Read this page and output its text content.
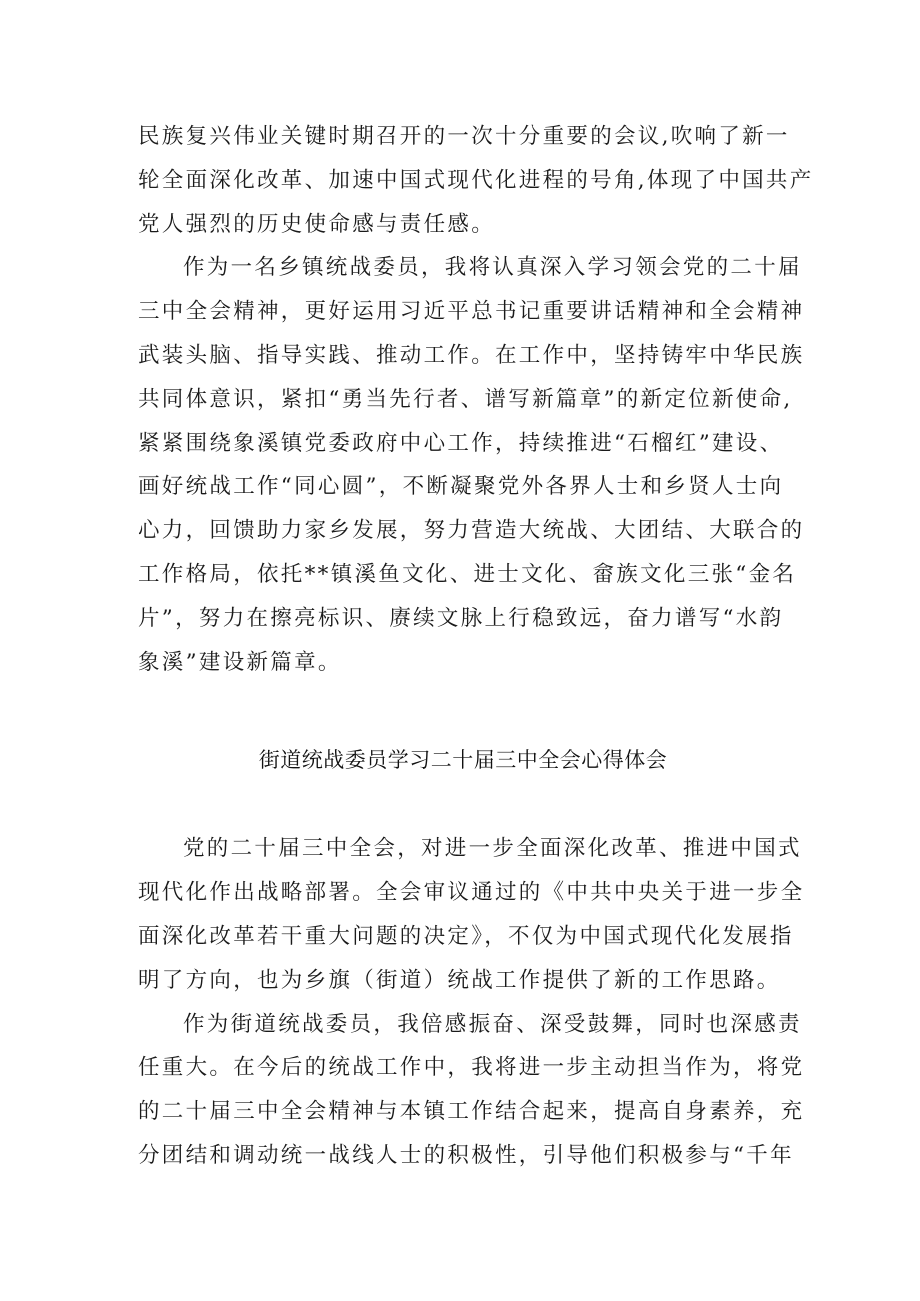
民族复兴伟业关键时期召开的一次十分重要的会议,吹响了新一
轮全面深化改革、加速中国式现代化进程的号角,体现了中国共产
党人强烈的历史使命感与责任感。
作为一名乡镇统战委员，我将认真深入学习领会党的二十届
三中全会精神，更好运用习近平总书记重要讲话精神和全会精神
武装头脑、指导实践、推动工作。在工作中，坚持铸牢中华民族
共同体意识，紧扣“勇当先行者、谱写新篇章”的新定位新使命,
紧紧围绕象溪镇党委政府中心工作，持续推进“石榴红”建设、
画好统战工作“同心圆”，不断凝聚党外各界人士和乡贤人士向
心力，回馈助力家乡发展，努力营造大统战、大团结、大联合的
工作格局，依托**镇溪鱼文化、进士文化、畲族文化三张“金名
片”，努力在擦亮标识、赓续文脉上行稳致远，奋力谱写“水韵
象溪”建设新篇章。
街道统战委员学习二十届三中全会心得体会
党的二十届三中全会，对进一步全面深化改革、推进中国式
现代化作出战略部署。全会审议通过的《中共中央关于进一步全
面深化改革若干重大问题的决定》，不仅为中国式现代化发展指
明了方向，也为乡旗（街道）统战工作提供了新的工作思路。
作为街道统战委员，我倍感振奋、深受鼓舞，同时也深感责
任重大。在今后的统战工作中，我将进一步主动担当作为，将党
的二十届三中全会精神与本镇工作结合起来，提高自身素养，充
分团结和调动统一战线人士的积极性，引导他们积极参与“千年
